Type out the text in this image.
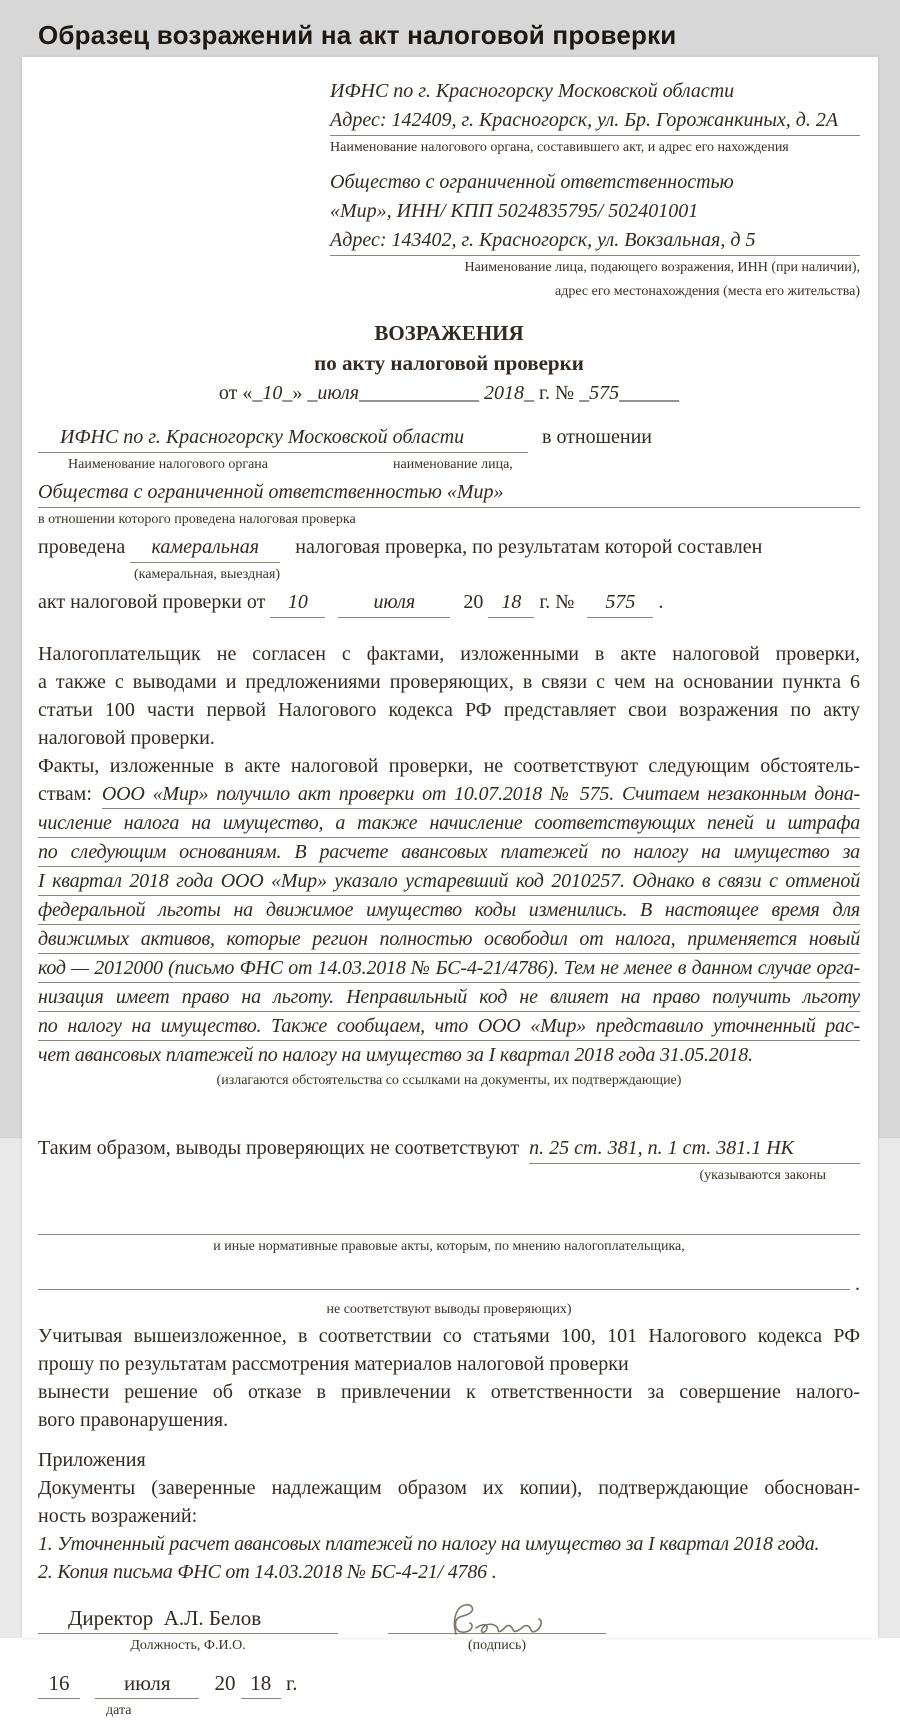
Образец возражений на акт налоговой проверки
ИФНС по г. Красногорску Московской области
Адрес: 142409, г. Красногорск, ул. Бр. Горожанкиных, д. 2А
Наименование налогового органа, составившего акт, и адрес его нахождения
Общество с ограниченной ответственностью
«Мир», ИНН/ КПП 5024835795/ 502401001
Адрес: 143402, г. Красногорск, ул. Вокзальная, д 5
Наименование лица, подающего возражения, ИНН (при наличии),
адрес его местонахождения (места его жительства)
ВОЗРАЖЕНИЯ
по акту налоговой проверки
от «_10_» _июля____________ 2018_ г. № _575______
ИФНС по г. Красногорску Московской области	в отношении
Наименование налогового органа	наименование лица,
Общества с ограниченной ответственностью «Мир»
в отношении которого проведена налоговая проверка
проведена камеральная налоговая проверка, по результатам которой составлен
(камеральная, выездная)
акт налоговой проверки от 10	июля 20 18 г. № 575 .
Налогоплательщик не согласен с фактами, изложенными в акте налоговой проверки,
а также с выводами и предложениями проверяющих, в связи с чем на основании пункта 6
статьи 100 части первой Налогового кодекса РФ представляет свои возражения по акту
налоговой проверки.
Факты, изложенные в акте налоговой проверки, не соответствуют следующим обстоятель-
ствам: ООО «Мир» получило акт проверки от 10.07.2018 № 575. Считаем незаконным дона-
числение налога на имущество, а также начисление соответствующих пеней и штрафа
по следующим основаниям. В расчете авансовых платежей по налогу на имущество за
I квартал 2018 года ООО «Мир» указало устаревший код 2010257. Однако в связи с отменой
федеральной льготы на движимое имущество коды изменились. В настоящее время для
движимых активов, которые регион полностью освободил от налога, применяется новый
код — 2012000 (письмо ФНС от 14.03.2018 № БС-4-21/4786). Тем не менее в данном случае орга-
низация имеет право на льготу. Неправильный код не влияет на право получить льготу
по налогу на имущество. Также сообщаем, что ООО «Мир» представило уточненный рас-
чет авансовых платежей по налогу на имущество за I квартал 2018 года 31.05.2018.
(излагаются обстоятельства со ссылками на документы, их подтверждающие)
Таким образом, выводы проверяющих не соответствуют п. 25 ст. 381, п. 1 ст. 381.1 НК
(указываются законы
и иные нормативные правовые акты, которым, по мнению налогоплательщика,
.
не соответствуют выводы проверяющих)
Учитывая вышеизложенное, в соответствии со статьями 100, 101 Налогового кодекса РФ
прошу по результатам рассмотрения материалов налоговой проверки
вынести решение об отказе в привлечении к ответственности за совершение налого-
вого правонарушения.
Приложения
Документы (заверенные надлежащим образом их копии), подтверждающие обоснован-
ность возражений:
1. Уточненный расчет авансовых платежей по налогу на имущество за I квартал 2018 года.
2. Копия письма ФНС от 14.03.2018 № БС-4-21/ 4786 .
Директор  А.Л. Белов
Должность, Ф.И.О.	(подпись)
16	июля 20 18 г.
дата
